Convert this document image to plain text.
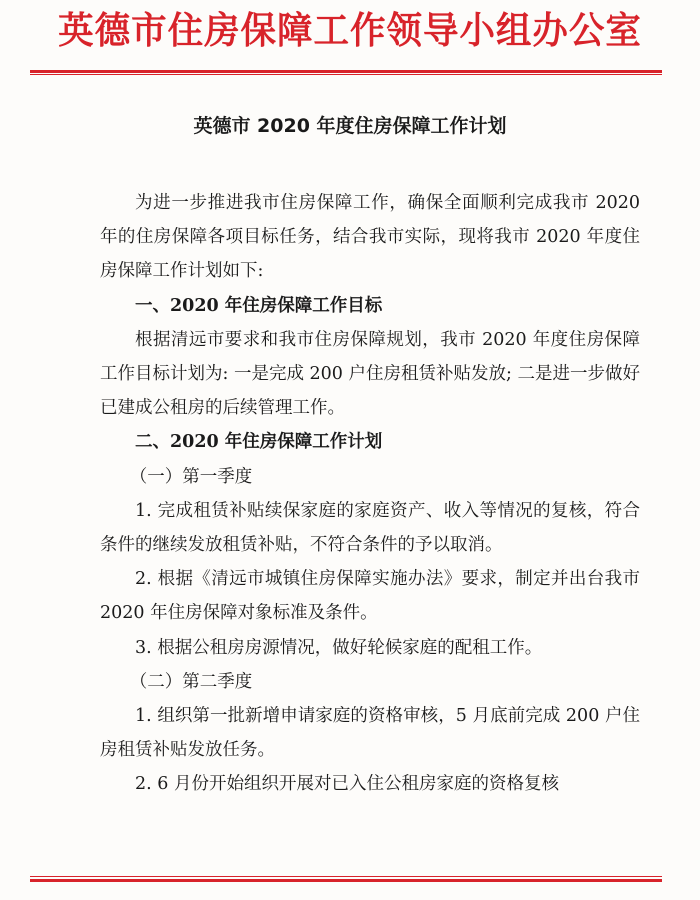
英德市住房保障工作领导小组办公室
英德市 2020 年度住房保障工作计划

为进一步推进我市住房保障工作，确保全面顺利完成我市 2020 年的住房保障各项目标任务，结合我市实际，现将我市 2020 年度住房保障工作计划如下:

一、2020 年住房保障工作目标

根据清远市要求和我市住房保障规划，我市 2020 年度住房保障工作目标计划为: 一是完成 200 户住房租赁补贴发放; 二是进一步做好已建成公租房的后续管理工作。

二、2020 年住房保障工作计划

（一）第一季度

1. 完成租赁补贴续保家庭的家庭资产、收入等情况的复核，符合条件的继续发放租赁补贴，不符合条件的予以取消。

2. 根据《清远市城镇住房保障实施办法》要求，制定并出台我市 2020 年住房保障对象标准及条件。

3. 根据公租房房源情况，做好轮候家庭的配租工作。

（二）第二季度

1. 组织第一批新增申请家庭的资格审核，5 月底前完成 200 户住房租赁补贴发放任务。

2. 6 月份开始组织开展对已入住公租房家庭的资格复核
